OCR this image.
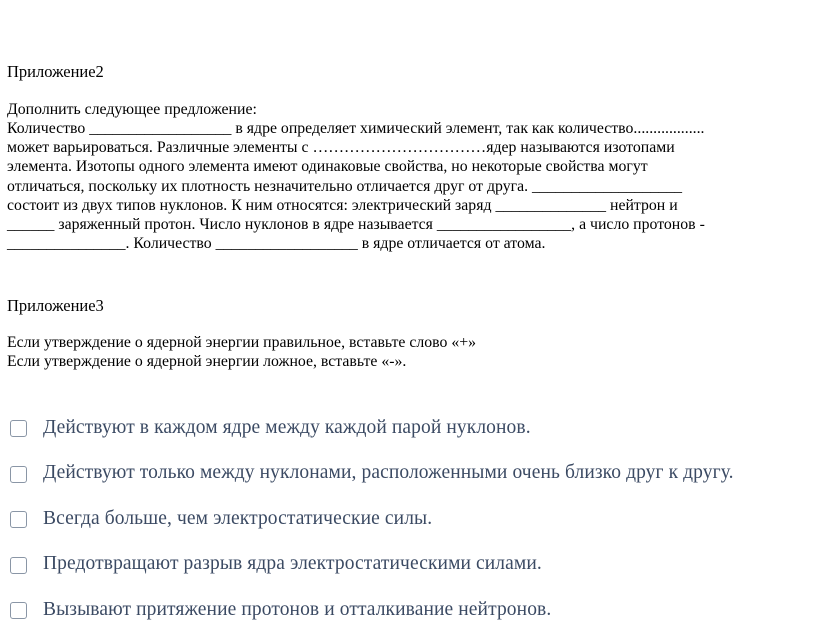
Приложение2
Дополнить следующее предложение:
Количество __________________ в ядре определяет химический элемент, так как количество..................
может варьироваться. Различные элементы с ……………………………ядер называются изотопами
элемента. Изотопы одного элемента имеют одинаковые свойства, но некоторые свойства могут
отличаться, поскольку их плотность незначительно отличается друг от друга. ___________________
состоит из двух типов нуклонов. К ним относятся: электрический заряд ______________ нейтрон и
______ заряженный протон. Число нуклонов в ядре называется _________________, а число протонов -
_______________. Количество __________________ в ядре отличается от атома.
Приложение3
Если утверждение о ядерной энергии правильное, вставьте слово «+»
Если утверждение о ядерной энергии ложное, вставьте «-».
Действуют в каждом ядре между каждой парой нуклонов.
Действуют только между нуклонами, расположенными очень близко друг к другу.
Всегда больше, чем электростатические силы.
Предотвращают разрыв ядра электростатическими силами.
Вызывают притяжение протонов и отталкивание нейтронов.
